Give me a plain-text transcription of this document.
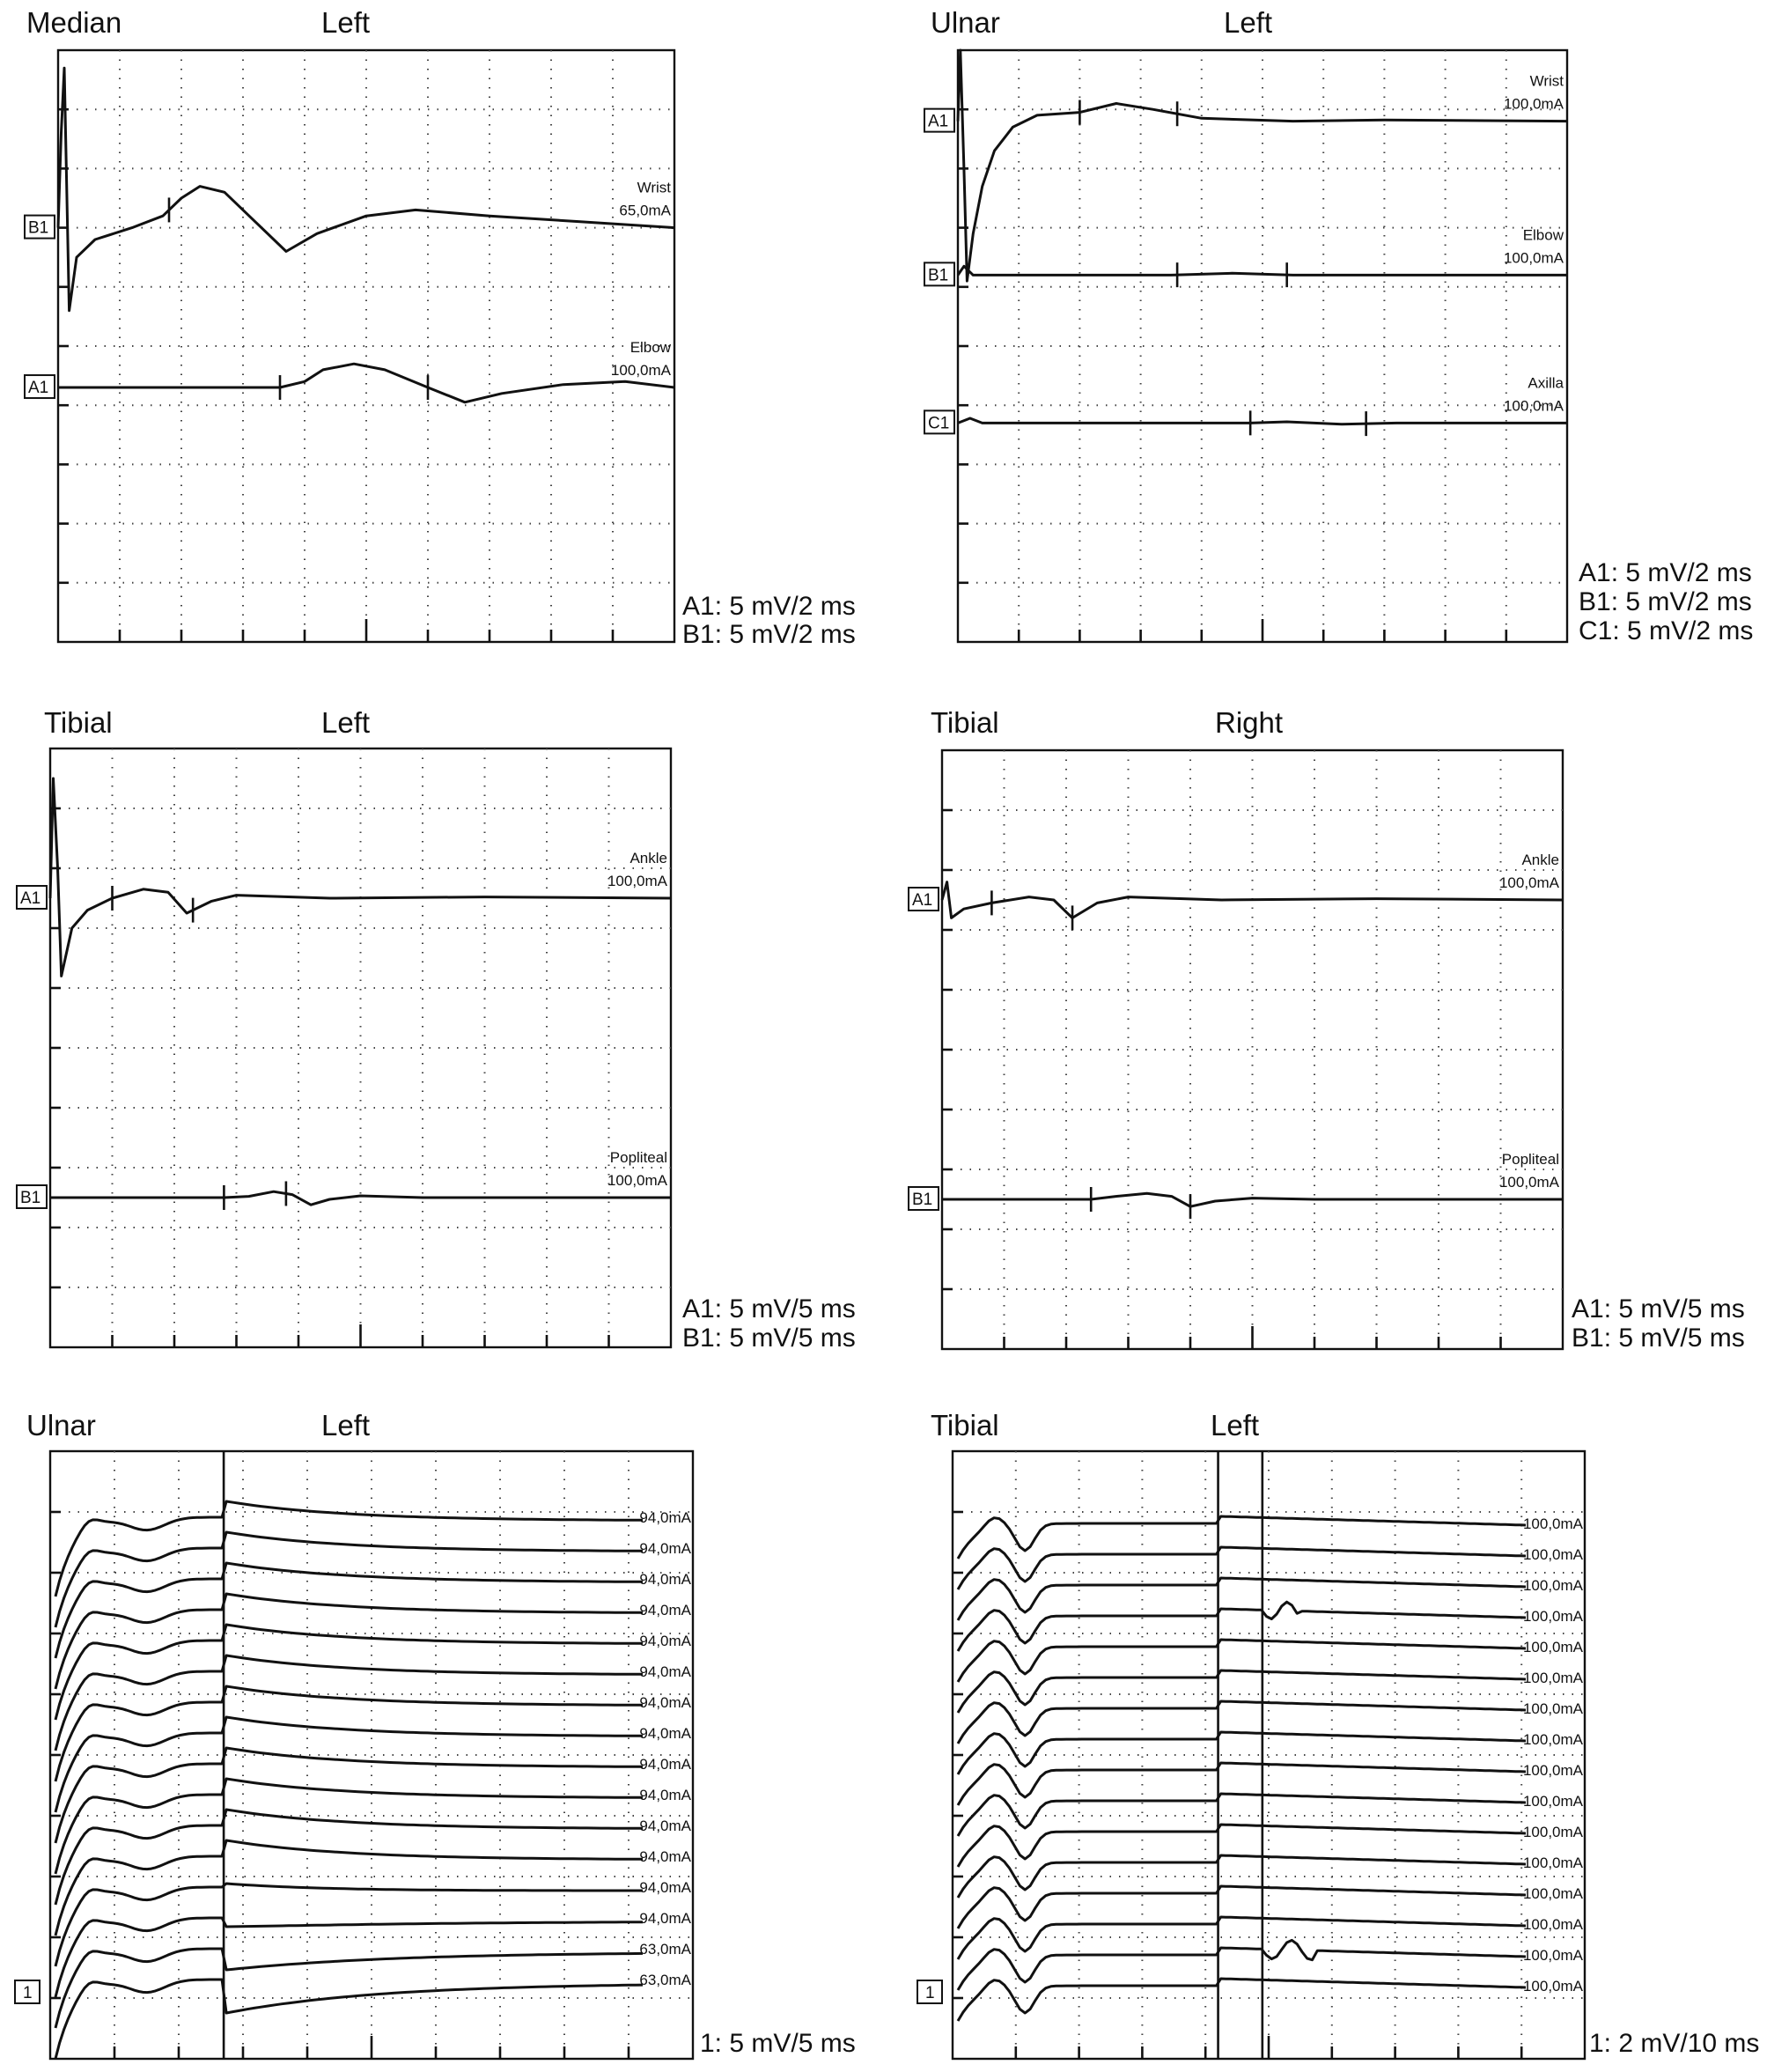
Median	Left
B1
Wrist
65,0mA
A1
Elbow
100,0mA
A1: 5 mV/2 ms
B1: 5 mV/2 ms
Ulnar	Left
A1
Wrist
100,0mA
B1
Elbow
100,0mA
C1
Axilla
100,0mA
A1: 5 mV/2 ms
B1: 5 mV/2 ms
C1: 5 mV/2 ms
Tibial	Left
A1
Ankle
100,0mA
B1
Popliteal
100,0mA
A1: 5 mV/5 ms
B1: 5 mV/5 ms
Tibial	Right
A1
Ankle
100,0mA
B1
Popliteal
100,0mA
A1: 5 mV/5 ms
B1: 5 mV/5 ms
Ulnar	Left
94,0mA
94,0mA
94,0mA
94,0mA
94,0mA
94,0mA
94,0mA
94,0mA
94,0mA
94,0mA
94,0mA
94,0mA
94,0mA
94,0mA
63,0mA
63,0mA
1
1: 5 mV/5 ms
Tibial	Left
100,0mA
100,0mA
100,0mA
100,0mA
100,0mA
100,0mA
100,0mA
100,0mA
100,0mA
100,0mA
100,0mA
100,0mA
100,0mA
100,0mA
100,0mA
100,0mA
1
1: 2 mV/10 ms
